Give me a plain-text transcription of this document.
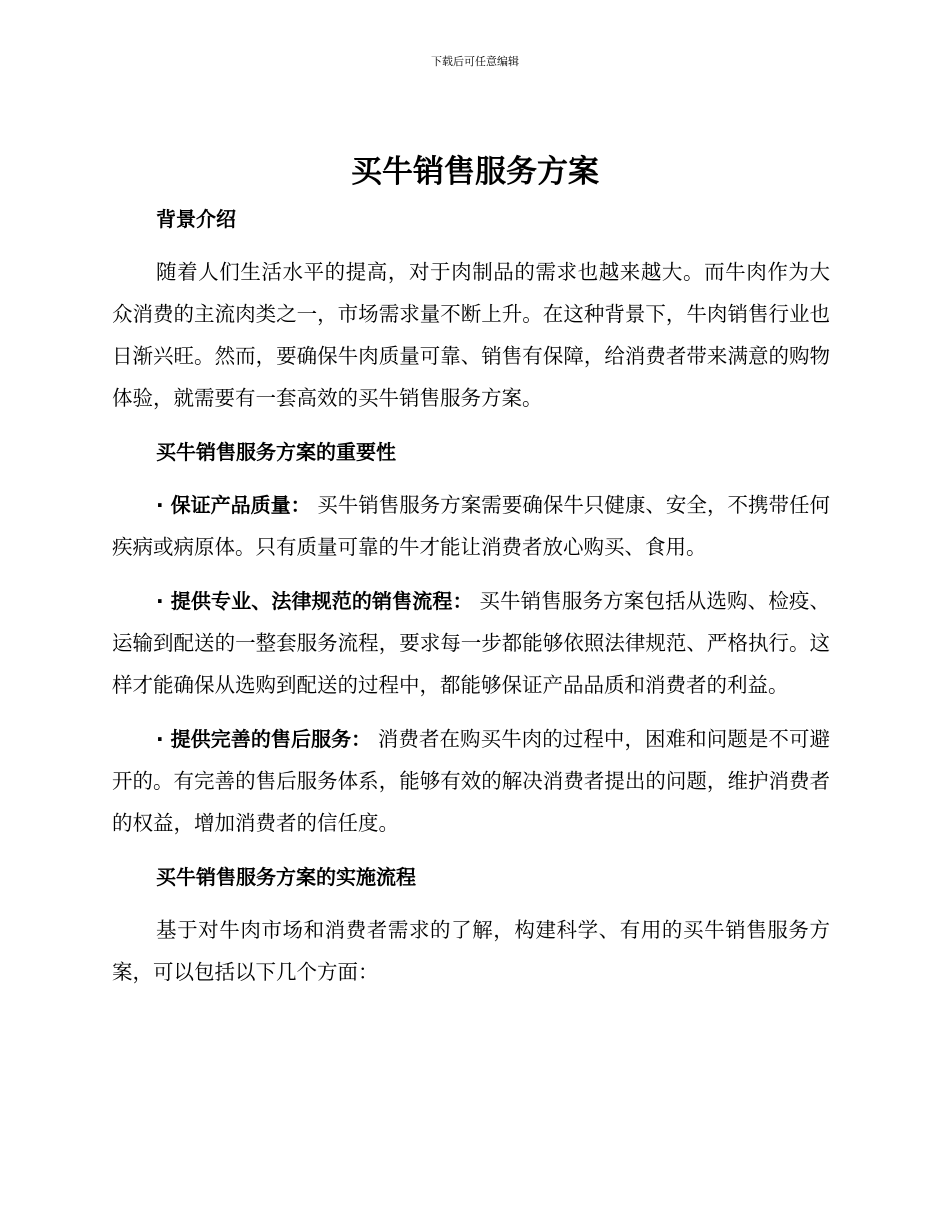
下载后可任意编辑
买牛销售服务方案
背景介绍

随着人们生活水平的提高，对于肉制品的需求也越来越大。而牛肉作为大众消费的主流肉类之一，市场需求量不断上升。在这种背景下，牛肉销售行业也日渐兴旺。然而，要确保牛肉质量可靠、销售有保障，给消费者带来满意的购物体验，就需要有一套高效的买牛销售服务方案。

买牛销售服务方案的重要性

· 保证产品质量： 买牛销售服务方案需要确保牛只健康、安全，不携带任何疾病或病原体。只有质量可靠的牛才能让消费者放心购买、食用。

· 提供专业、法律规范的销售流程： 买牛销售服务方案包括从选购、检疫、运输到配送的一整套服务流程，要求每一步都能够依照法律规范、严格执行。这样才能确保从选购到配送的过程中，都能够保证产品品质和消费者的利益。

· 提供完善的售后服务： 消费者在购买牛肉的过程中，困难和问题是不可避开的。有完善的售后服务体系，能够有效的解决消费者提出的问题，维护消费者的权益，增加消费者的信任度。

买牛销售服务方案的实施流程

基于对牛肉市场和消费者需求的了解，构建科学、有用的买牛销售服务方案，可以包括以下几个方面：
